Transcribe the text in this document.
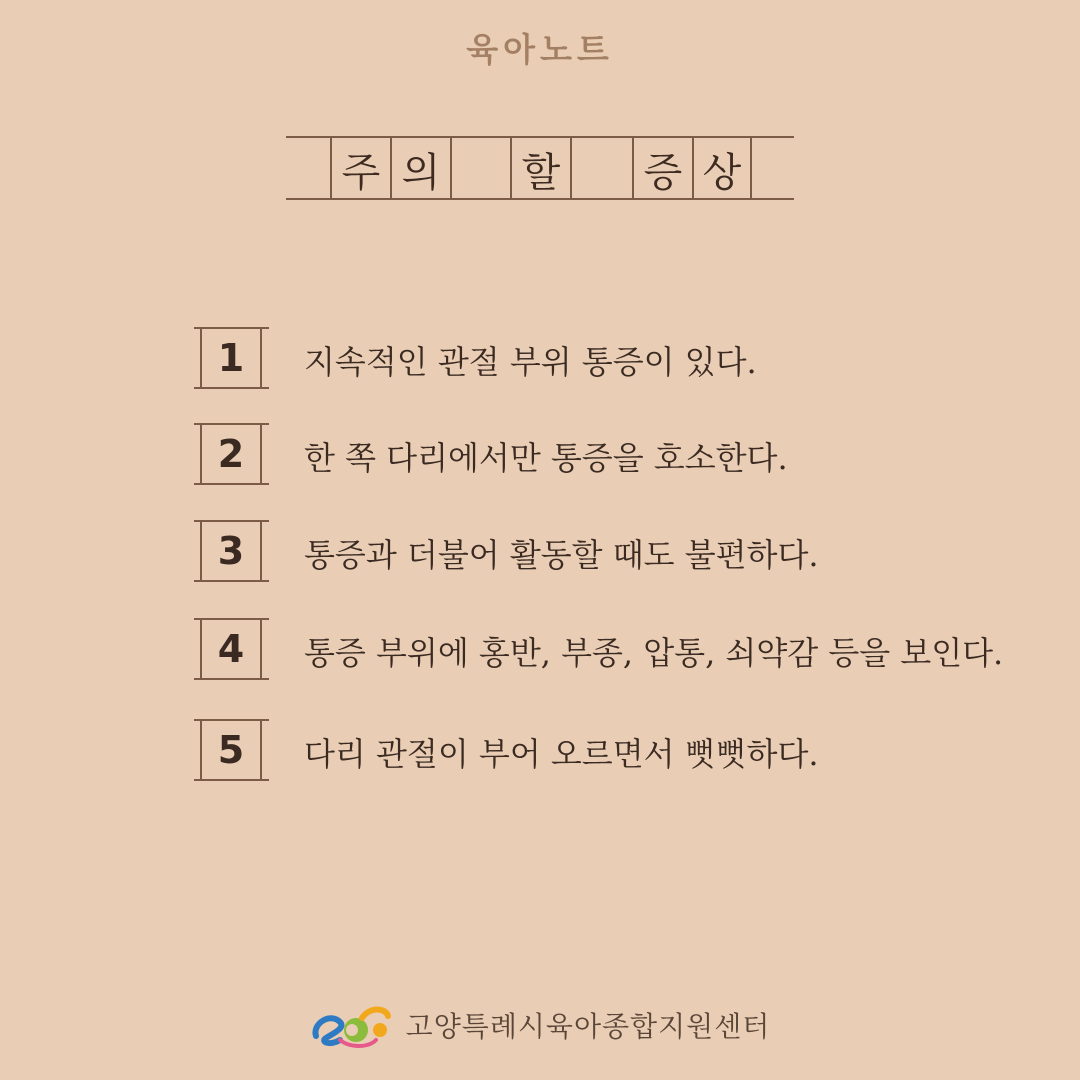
육아노트
주 의 할 증 상
1	지속적인 관절 부위 통증이 있다.
2	한 쪽 다리에서만 통증을 호소한다.
3	통증과 더불어 활동할 때도 불편하다.
4	통증 부위에 홍반, 부종, 압통, 쇠약감 등을 보인다.
5	다리 관절이 부어 오르면서 뻣뻣하다.
고양특례시육아종합지원센터
